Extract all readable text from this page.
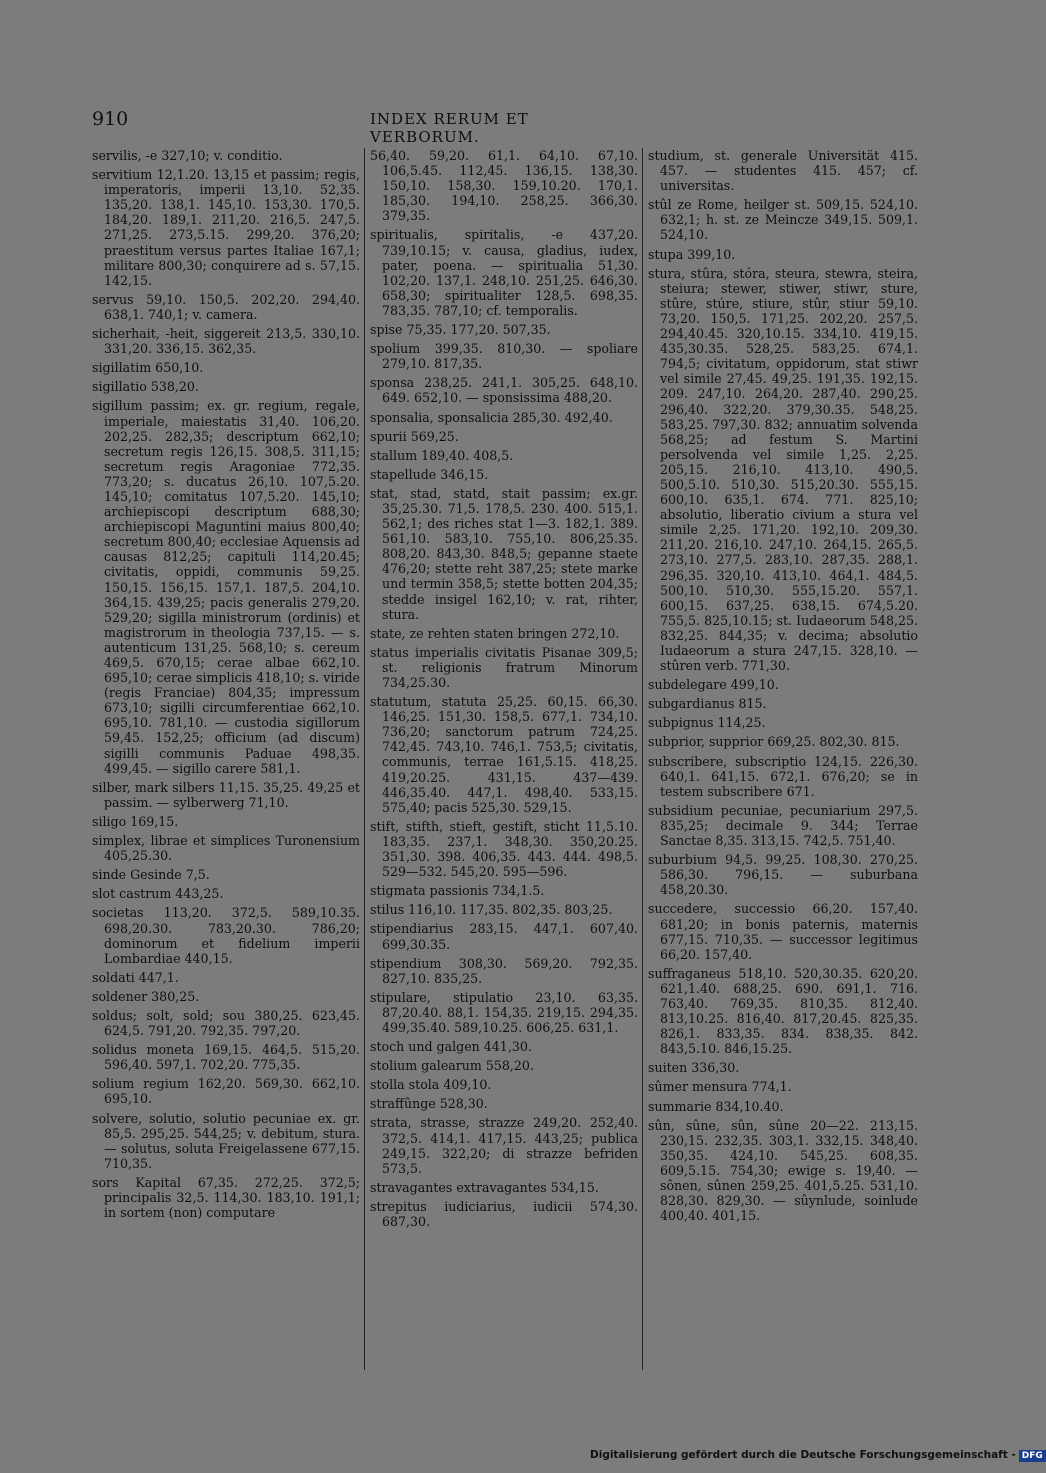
910	INDEX RERUM ET VERBORUM.

servilis, -e 327,10; v. conditio.

servitium 12,1.20. 13,15 et passim; regis, imperatoris, imperii 13,10. 52,35. 135,20. 138,1. 145,10. 153,30. 170,5. 184,20. 189,1. 211,20. 216,5. 247,5. 271,25. 273,5.15. 299,20. 376,20; praestitum versus partes Italiae 167,1; militare 800,30; conquirere ad s. 57,15. 142,15.

servus 59,10. 150,5. 202,20. 294,40. 638,1. 740,1; v. camera.

sicherhait, -heit, siggereit 213,5. 330,10. 331,20. 336,15. 362,35.

sigillatim 650,10.

sigillatio 538,20.

sigillum passim; ex. gr. regium, regale, imperiale, maiestatis 31,40. 106,20. 202,25. 282,35; descriptum 662,10; secretum regis 126,15. 308,5. 311,15; secretum regis Aragoniae 772,35. 773,20; s. ducatus 26,10. 107,5.20. 145,10; comitatus 107,5.20. 145,10; archiepiscopi descriptum 688,30; archiepiscopi Maguntini maius 800,40; secretum 800,40; ecclesiae Aquensis ad causas 812,25; capituli 114,20.45; civitatis, oppidi, communis 59,25. 150,15. 156,15. 157,1. 187,5. 204,10. 364,15. 439,25; pacis generalis 279,20. 529,20; sigilla ministrorum (ordinis) et magistrorum in theologia 737,15. — s. autenticum 131,25. 568,10; s. cereum 469,5. 670,15; cerae albae 662,10. 695,10; cerae simplicis 418,10; s. viride (regis Franciae) 804,35; impressum 673,10; sigilli circumferentiae 662,10. 695,10. 781,10. — custodia sigillorum 59,45. 152,25; officium (ad discum) sigilli communis Paduae 498,35. 499,45. — sigillo carere 581,1.

silber, mark silbers 11,15. 35,25. 49,25 et passim. — sylberwerg 71,10.

siligo 169,15.

simplex, librae et simplices Turonensium 405,25.30.

sinde Gesinde 7,5.

slot castrum 443,25.

societas 113,20. 372,5. 589,10.35. 698,20.30. 783,20.30. 786,20; dominorum et fidelium imperii Lombardiae 440,15.

soldati 447,1.

soldener 380,25.

soldus; solt, sold; sou 380,25. 623,45. 624,5. 791,20. 792,35. 797,20.

solidus moneta 169,15. 464,5. 515,20. 596,40. 597,1. 702,20. 775,35.

solium regium 162,20. 569,30. 662,10. 695,10.

solvere, solutio, solutio pecuniae ex. gr. 85,5. 295,25. 544,25; v. debitum, stura. — solutus, soluta Freigelassene 677,15. 710,35.

sors Kapital 67,35. 272,25. 372,5; principalis 32,5. 114,30. 183,10. 191,1; in sortem (non) computare

56,40. 59,20. 61,1. 64,10. 67,10. 106,5.45. 112,45. 136,15. 138,30. 150,10. 158,30. 159,10.20. 170,1. 185,30. 194,10. 258,25. 366,30. 379,35.

spiritualis, spiritalis, -e 437,20. 739,10.15; v. causa, gladius, iudex, pater, poena. — spiritualia 51,30. 102,20. 137,1. 248,10. 251,25. 646,30. 658,30; spiritualiter 128,5. 698,35. 783,35. 787,10; cf. temporalis.

spise 75,35. 177,20. 507,35.

spolium 399,35. 810,30. — spoliare 279,10. 817,35.

sponsa 238,25. 241,1. 305,25. 648,10. 649. 652,10. — sponsissima 488,20.

sponsalia, sponsalicia 285,30. 492,40.

spurii 569,25.

stallum 189,40. 408,5.

stapellude 346,15.

stat, stad, statd, stait passim; ex.gr. 35,25.30. 71,5. 178,5. 230. 400. 515,1. 562,1; des riches stat 1—3. 182,1. 389. 561,10. 583,10. 755,10. 806,25.35. 808,20. 843,30. 848,5; gepanne staete 476,20; stette reht 387,25; stete marke und termin 358,5; stette botten 204,35; stedde insigel 162,10; v. rat, rihter, stura.

state, ze rehten staten bringen 272,10.

status imperialis civitatis Pisanae 309,5; st. religionis fratrum Minorum 734,25.30.

statutum, statuta 25,25. 60,15. 66,30. 146,25. 151,30. 158,5. 677,1. 734,10. 736,20; sanctorum patrum 724,25. 742,45. 743,10. 746,1. 753,5; civitatis, communis, terrae 161,5.15. 418,25. 419,20.25. 431,15. 437—439. 446,35.40. 447,1. 498,40. 533,15. 575,40; pacis 525,30. 529,15.

stift, stifth, stieft, gestift, sticht 11,5.10. 183,35. 237,1. 348,30. 350,20.25. 351,30. 398. 406,35. 443. 444. 498,5. 529—532. 545,20. 595—596.

stigmata passionis 734,1.5.

stilus 116,10. 117,35. 802,35. 803,25.

stipendiarius 283,15. 447,1. 607,40. 699,30.35.

stipendium 308,30. 569,20. 792,35. 827,10. 835,25.

stipulare, stipulatio 23,10. 63,35. 87,20.40. 88,1. 154,35. 219,15. 294,35. 499,35.40. 589,10.25. 606,25. 631,1.

stoch und galgen 441,30.

stolium galearum 558,20.

stolla stola 409,10.

straffûnge 528,30.

strata, strasse, strazze 249,20. 252,40. 372,5. 414,1. 417,15. 443,25; publica 249,15. 322,20; di strazze befriden 573,5.

stravagantes extravagantes 534,15.

strepitus iudiciarius, iudicii 574,30. 687,30.

studium, st. generale Universität 415. 457. — studentes 415. 457; cf. universitas.

stûl ze Rome, heilger st. 509,15. 524,10. 632,1; h. st. ze Meincze 349,15. 509,1. 524,10.

stupa 399,10.

stura, stûra, stóra, steura, stewra, steira, steiura; stewer, stiwer, stiwr, sture, stûre, stúre, stiure, stûr, stiur 59,10. 73,20. 150,5. 171,25. 202,20. 257,5. 294,40.45. 320,10.15. 334,10. 419,15. 435,30.35. 528,25. 583,25. 674,1. 794,5; civitatum, oppidorum, stat stiwr vel simile 27,45. 49,25. 191,35. 192,15. 209. 247,10. 264,20. 287,40. 290,25. 296,40. 322,20. 379,30.35. 548,25. 583,25. 797,30. 832; annuatim solvenda 568,25; ad festum S. Martini persolvenda vel simile 1,25. 2,25. 205,15. 216,10. 413,10. 490,5. 500,5.10. 510,30. 515,20.30. 555,15. 600,10. 635,1. 674. 771. 825,10; absolutio, liberatio civium a stura vel simile 2,25. 171,20. 192,10. 209,30. 211,20. 216,10. 247,10. 264,15. 265,5. 273,10. 277,5. 283,10. 287,35. 288,1. 296,35. 320,10. 413,10. 464,1. 484,5. 500,10. 510,30. 555,15.20. 557,1. 600,15. 637,25. 638,15. 674,5.20. 755,5. 825,10.15; st. Iudaeorum 548,25. 832,25. 844,35; v. decima; absolutio Iudaeorum a stura 247,15. 328,10. — stûren verb. 771,30.

subdelegare 499,10.

subgardianus 815.

subpignus 114,25.

subprior, supprior 669,25. 802,30. 815.

subscribere, subscriptio 124,15. 226,30. 640,1. 641,15. 672,1. 676,20; se in testem subscribere 671.

subsidium pecuniae, pecuniarium 297,5. 835,25; decimale 9. 344; Terrae Sanctae 8,35. 313,15. 742,5. 751,40.

suburbium 94,5. 99,25. 108,30. 270,25. 586,30. 796,15. — suburbana 458,20.30.

succedere, successio 66,20. 157,40. 681,20; in bonis paternis, maternis 677,15. 710,35. — successor legitimus 66,20. 157,40.

suffraganeus 518,10. 520,30.35. 620,20. 621,1.40. 688,25. 690. 691,1. 716. 763,40. 769,35. 810,35. 812,40. 813,10.25. 816,40. 817,20.45. 825,35. 826,1. 833,35. 834. 838,35. 842. 843,5.10. 846,15.25.

suiten 336,30.

sûmer mensura 774,1.

summarie 834,10.40.

sûn, sûne, sûn, sûne 20—22. 213,15. 230,15. 232,35. 303,1. 332,15. 348,40. 350,35. 424,10. 545,25. 608,35. 609,5.15. 754,30; ewige s. 19,40. — sônen, sûnen 259,25. 401,5.25. 531,10. 828,30. 829,30. — sûynlude, soinlude 400,40. 401,15.

Digitalisierung gefördert durch die Deutsche Forschungsgemeinschaft - DFG
